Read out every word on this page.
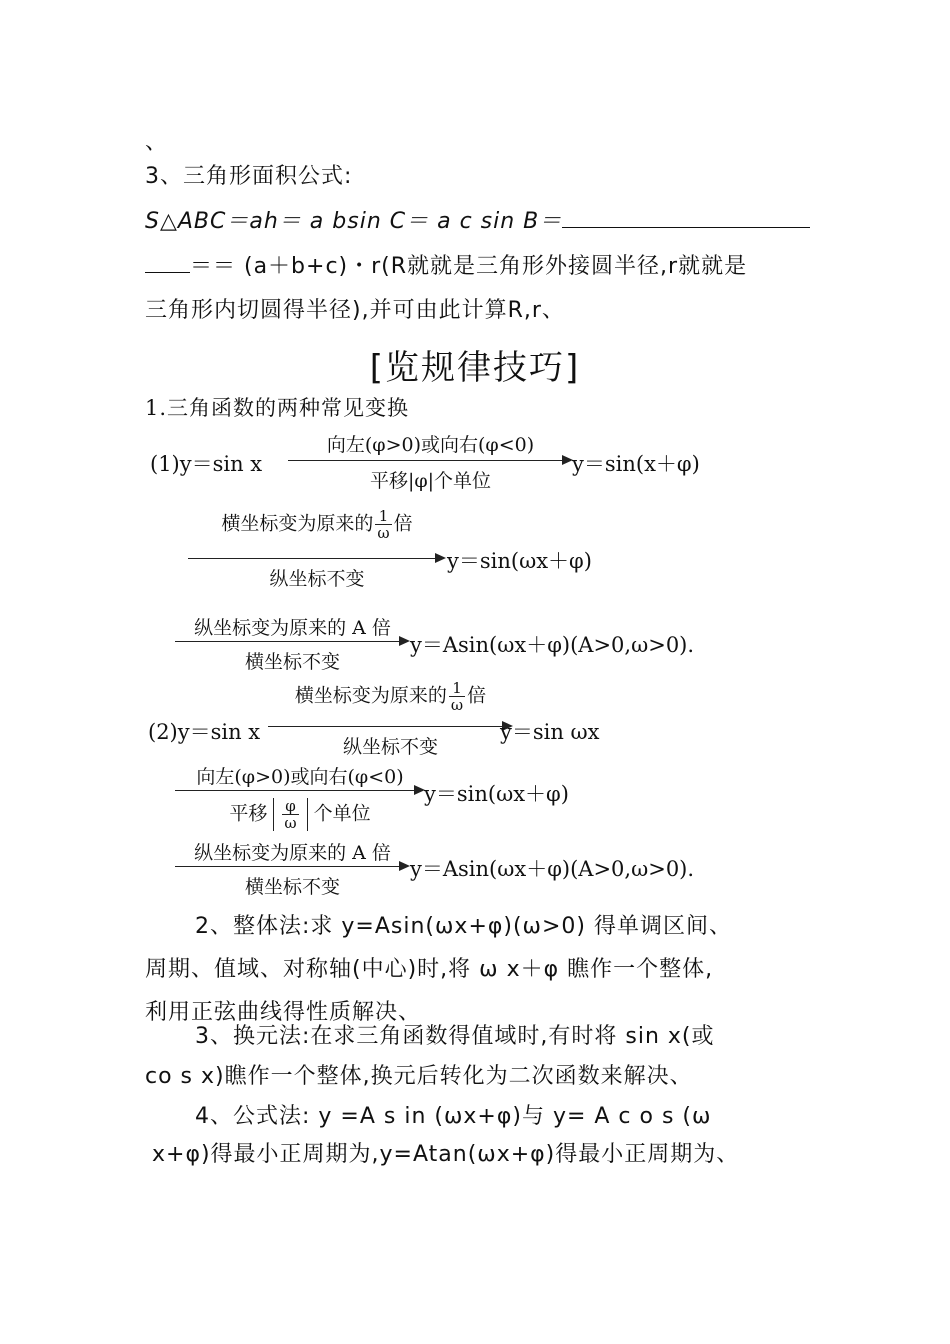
、
3、三角形面积公式:
S△ABC＝ah＝ a bsin C＝ a c sin B＝
＝＝ (a＋b+c)・r(R就就是三角形外接圆半径,r就就是
三角形内切圆得半径),并可由此计算R,r、
[览规律技巧]
1.三角函数的两种常见变换
(1)y＝sin x
向左(φ>0)或向右(φ<0)
平移|φ|个单位
y＝sin(x＋φ)
横坐标变为原来的 $\frac{1}{\omega}$ 倍
纵坐标不变
y＝sin(ωx＋φ)
纵坐标变为原来的 A 倍
横坐标不变
y＝Asin(ωx＋φ)(A>0,ω>0).
(2)y＝sin x
横坐标变为原来的 $\frac{1}{\omega}$ 倍
纵坐标不变
y＝sin ωx
向左(φ>0)或向右(φ<0)
平移 $\frac{\varphi}{\omega}$ 个单位
y＝sin(ωx＋φ)
纵坐标变为原来的 A 倍
横坐标不变
y＝Asin(ωx＋φ)(A>0,ω>0).
2、整体法:求 y=Asin(ωx+φ)(ω>0) 得单调区间、
周期、值域、对称轴(中心)时,将 ω x＋φ 瞧作一个整体,
利用正弦曲线得性质解决、
3、换元法:在求三角函数得值域时,有时将 sin x(或
co s x)瞧作一个整体,换元后转化为二次函数来解决、
4、公式法: y =A s in (ωx+φ)与 y= A c o s (ω
x+φ)得最小正周期为,y=Atan(ωx+φ)得最小正周期为、
